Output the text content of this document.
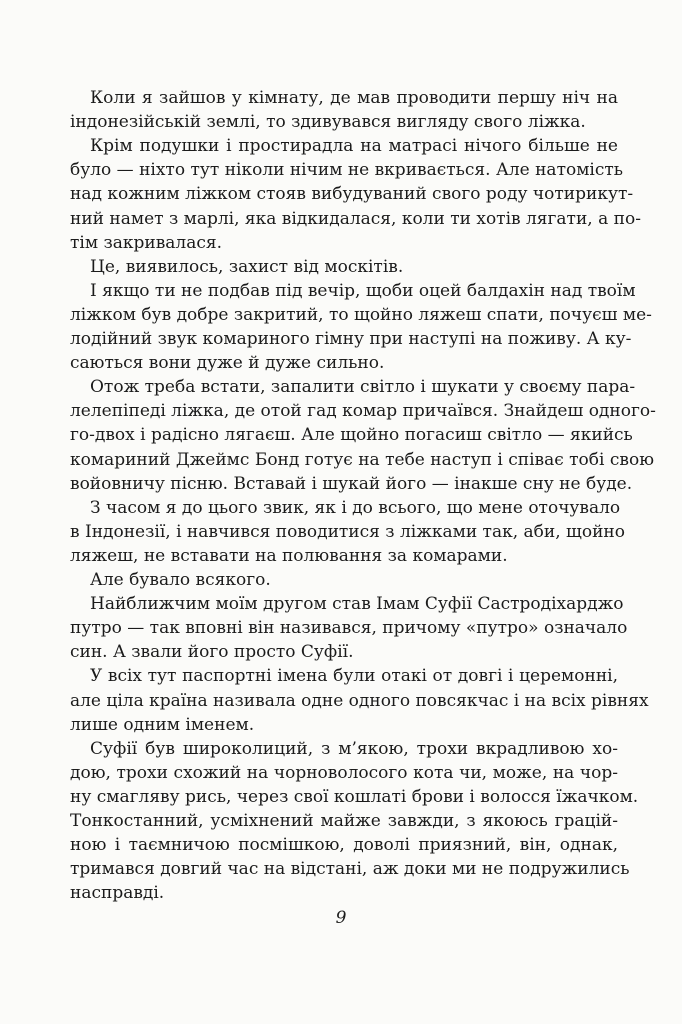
Коли я зайшов у кімнату, де мав проводити першу ніч на
індонезійській землі, то здивувався вигляду свого ліжка.
Крім подушки і простирадла на матрасі нічого більше не
було — ніхто тут ніколи нічим не вкривається. Але натомість
над кожним ліжком стояв вибудуваний свого роду чотирикут-
ний намет з марлі, яка відкидалася, коли ти хотів лягати, а по-
тім закривалася.
Це, виявилось, захист від москітів.
І якщо ти не подбав під вечір, щоби оцей балдахін над твоїм
ліжком був добре закритий, то щойно ляжеш спати, почуєш ме-
лодійний звук комариного гімну при наступі на поживу. А ку-
саються вони дуже й дуже сильно.
Отож треба встати, запалити світло і шукати у своєму пара-
лелепіпеді ліжка, де отой гад комар причаївся. Знайдеш одного-
го-двох і радісно лягаєш. Але щойно погасиш світло — якийсь
комариний Джеймс Бонд готує на тебе наступ і співає тобі свою
войовничу пісню. Вставай і шукай його — інакше сну не буде.
З часом я до цього звик, як і до всього, що мене оточувало
в Індонезії, і навчився поводитися з ліжками так, аби, щойно
ляжеш, не вставати на полювання за комарами.
Але бувало всякого.
Найближчим моїм другом став Імам Суфії Састродіхарджо
путро — так вповні він називався, причому «путро» означало
син. А звали його просто Суфії.
У всіх тут паспортні імена були отакі от довгі і церемонні,
але ціла країна називала одне одного повсякчас і на всіх рівнях
лише одним іменем.
Суфії був широколиций, з м’якою, трохи вкрадливою хо-
дою, трохи схожий на чорноволосого кота чи, може, на чор-
ну смагляву рись, через свої кошлаті брови і волосся їжачком.
Тонкостанний, усміхнений майже завжди, з якоюсь грацій-
ною і таємничою посмішкою, доволі приязний, він, однак,
тримався довгий час на відстані, аж доки ми не подружились
насправді.
9
